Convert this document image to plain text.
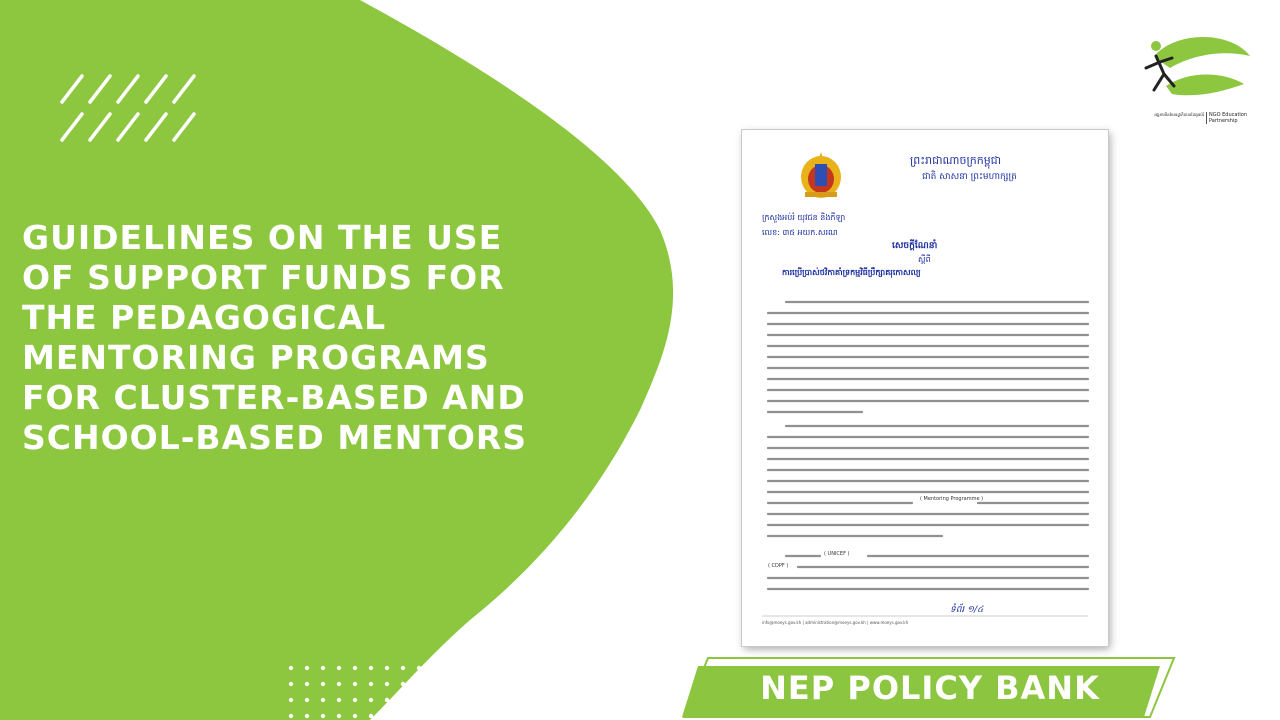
GUIDELINES ON THE USE
OF SUPPORT FUNDS FOR
THE PEDAGOGICAL
MENTORING PROGRAMS
FOR CLUSTER-BASED AND
SCHOOL-BASED MENTORS
ព្រះរាជាណាចក្រកម្ពុជា
ជាតិ សាសនា ព្រះមហាក្សត្រ
ក្រសួងអប់រំ យុវជន និងកីឡា
លេខ: ៣៥ អយក.សរណ
សេចក្តីណែនាំ
ស្តីពី
ការប្រើប្រាស់ថវិកាគាំទ្រកម្មវិធីប្រឹក្សាគរុកោសល្យ
( Mentoring Programme )
( UNICEF )
( CDPF )
ទំព័រ ១/៤
info@moeys.gov.kh | administration@moeys.gov.kh | www.moeys.gov.kh
អង្គការមិនមែនរដ្ឋាភិបាលដៃគូអប់រំ NGO Education
Partnership
NEP POLICY BANK
